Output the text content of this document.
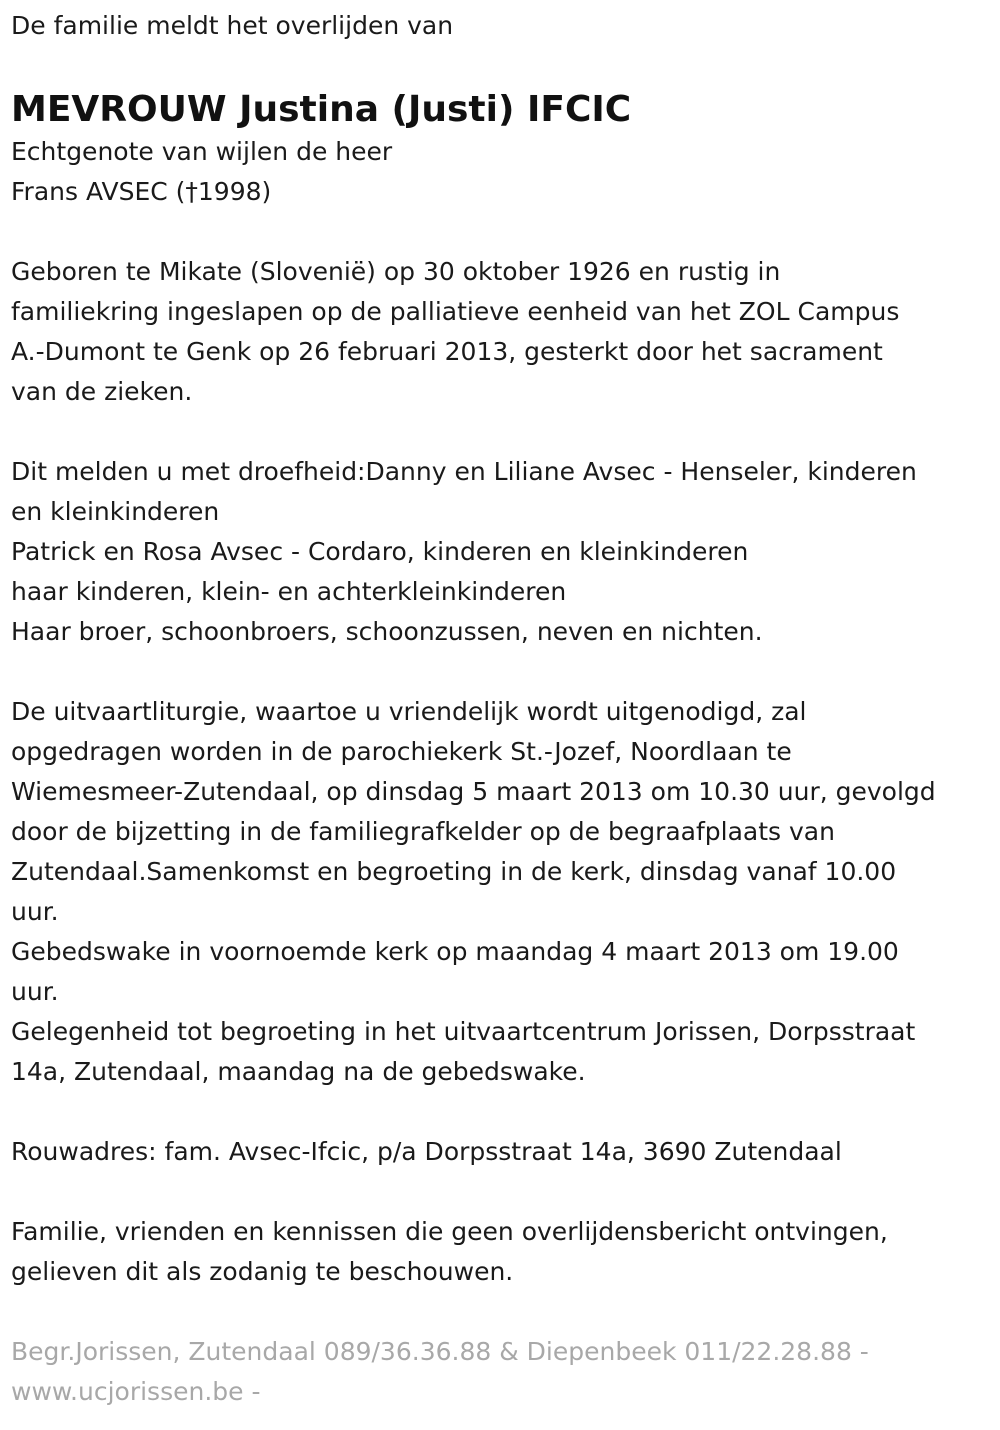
De familie meldt het overlijden van

MEVROUW Justina (Justi) IFCIC

Echtgenote van wijlen de heer

Frans AVSEC (†1998)

Geboren te Mikate (Slovenië) op 30 oktober 1926 en rustig in

familiekring ingeslapen op de palliatieve eenheid van het ZOL Campus

A.-Dumont te Genk op 26 februari 2013, gesterkt door het sacrament

van de zieken.

Dit melden u met droefheid:Danny en Liliane Avsec - Henseler, kinderen

en kleinkinderen

Patrick en Rosa Avsec - Cordaro, kinderen en kleinkinderen

haar kinderen, klein- en achterkleinkinderen

Haar broer, schoonbroers, schoonzussen, neven en nichten.

De uitvaartliturgie, waartoe u vriendelijk wordt uitgenodigd, zal

opgedragen worden in de parochiekerk St.-Jozef, Noordlaan te

Wiemesmeer-Zutendaal, op dinsdag 5 maart 2013 om 10.30 uur, gevolgd

door de bijzetting in de familiegrafkelder op de begraafplaats van

Zutendaal.Samenkomst en begroeting in de kerk, dinsdag vanaf 10.00

uur.

Gebedswake in voornoemde kerk op maandag 4 maart 2013 om 19.00

uur.

Gelegenheid tot begroeting in het uitvaartcentrum Jorissen, Dorpsstraat

14a, Zutendaal, maandag na de gebedswake.

Rouwadres: fam. Avsec-Ifcic, p/a Dorpsstraat 14a, 3690 Zutendaal

Familie, vrienden en kennissen die geen overlijdensbericht ontvingen,

gelieven dit als zodanig te beschouwen.

Begr.Jorissen, Zutendaal 089/36.36.88 & Diepenbeek 011/22.28.88 -

www.ucjorissen.be -
